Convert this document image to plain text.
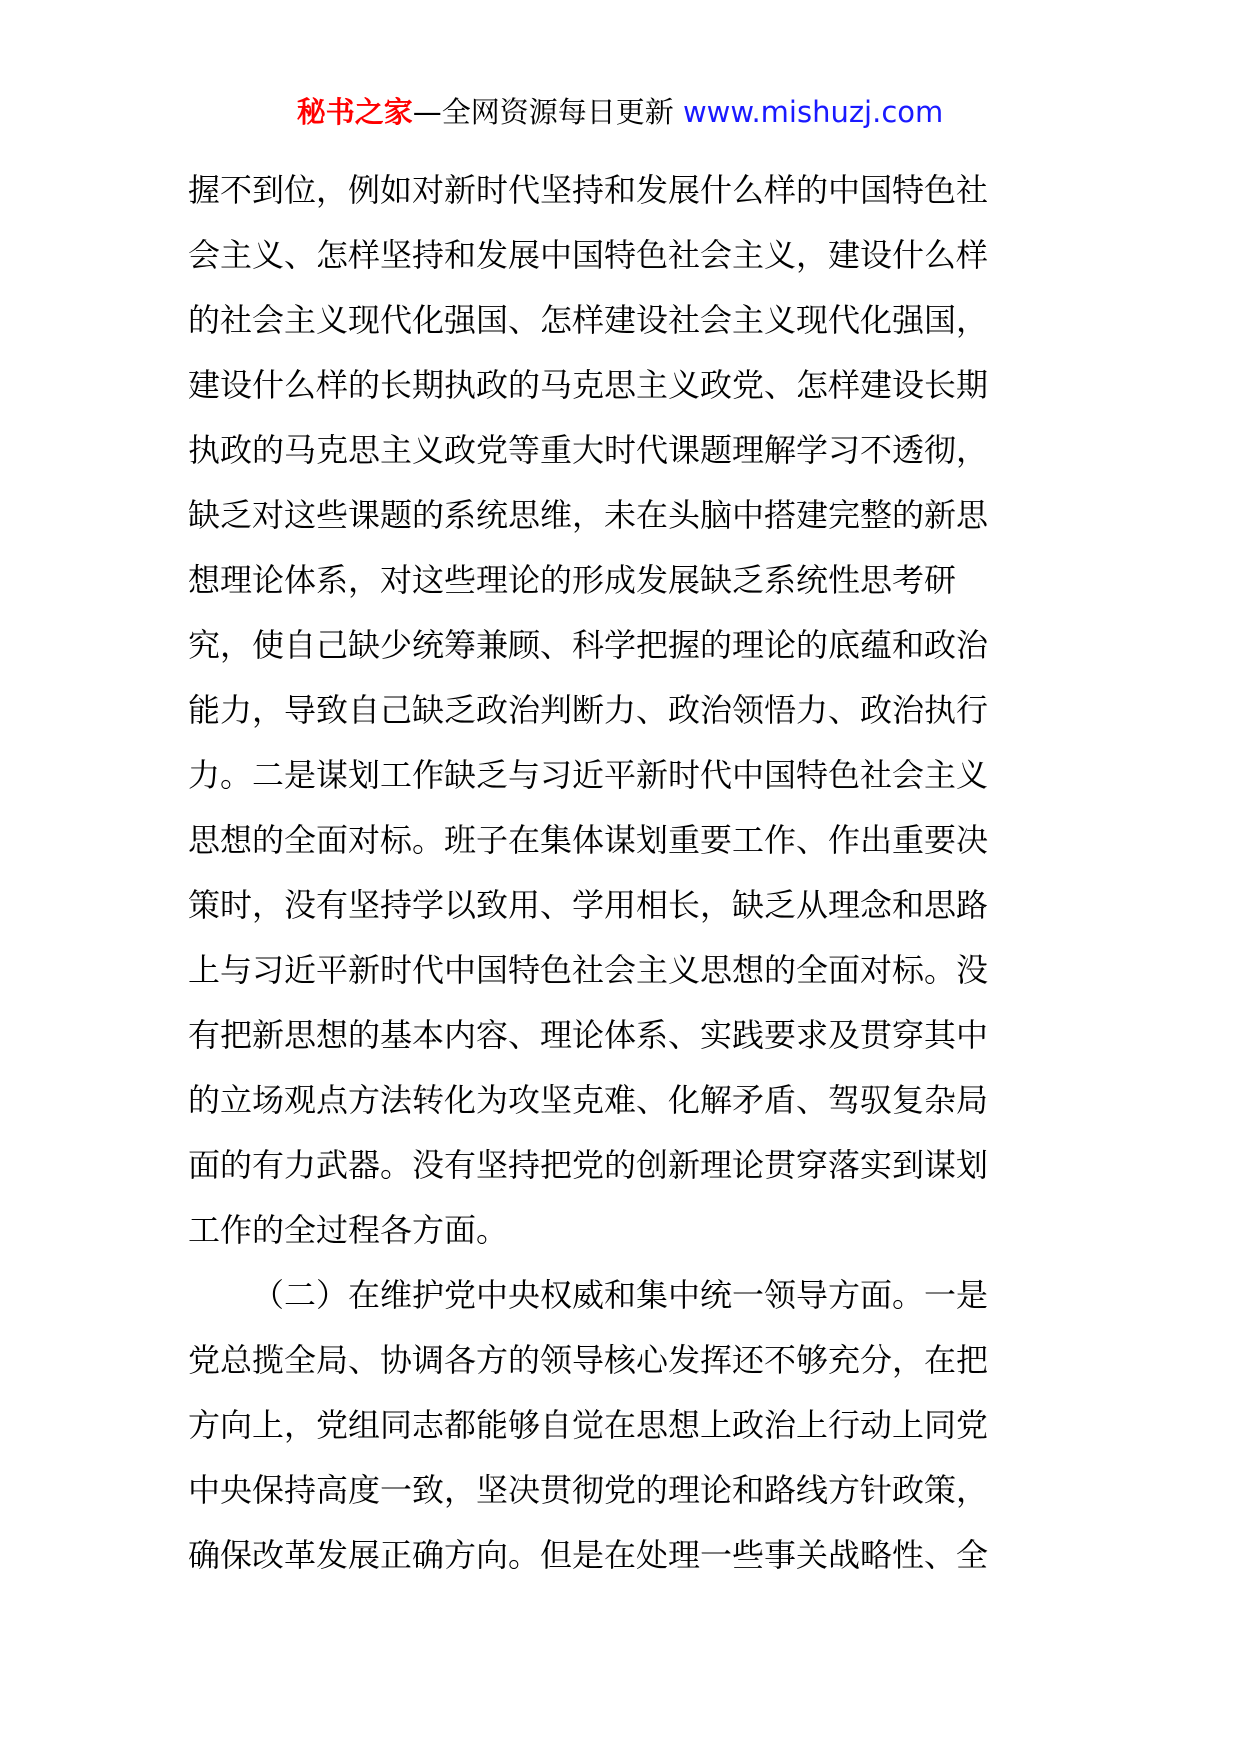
秘书之家—全网资源每日更新 www.mishuzj.com
握不到位，例如对新时代坚持和发展什么样的中国特色社
会主义、怎样坚持和发展中国特色社会主义，建设什么样
的社会主义现代化强国、怎样建设社会主义现代化强国，
建设什么样的长期执政的马克思主义政党、怎样建设长期
执政的马克思主义政党等重大时代课题理解学习不透彻，
缺乏对这些课题的系统思维，未在头脑中搭建完整的新思
想理论体系，对这些理论的形成发展缺乏系统性思考研
究，使自己缺少统筹兼顾、科学把握的理论的底蕴和政治
能力，导致自己缺乏政治判断力、政治领悟力、政治执行
力。二是谋划工作缺乏与习近平新时代中国特色社会主义
思想的全面对标。班子在集体谋划重要工作、作出重要决
策时，没有坚持学以致用、学用相长，缺乏从理念和思路
上与习近平新时代中国特色社会主义思想的全面对标。没
有把新思想的基本内容、理论体系、实践要求及贯穿其中
的立场观点方法转化为攻坚克难、化解矛盾、驾驭复杂局
面的有力武器。没有坚持把党的创新理论贯穿落实到谋划
工作的全过程各方面。
（二）在维护党中央权威和集中统一领导方面。一是
党总揽全局、协调各方的领导核心发挥还不够充分，在把
方向上，党组同志都能够自觉在思想上政治上行动上同党
中央保持高度一致，坚决贯彻党的理论和路线方针政策，
确保改革发展正确方向。但是在处理一些事关战略性、全
